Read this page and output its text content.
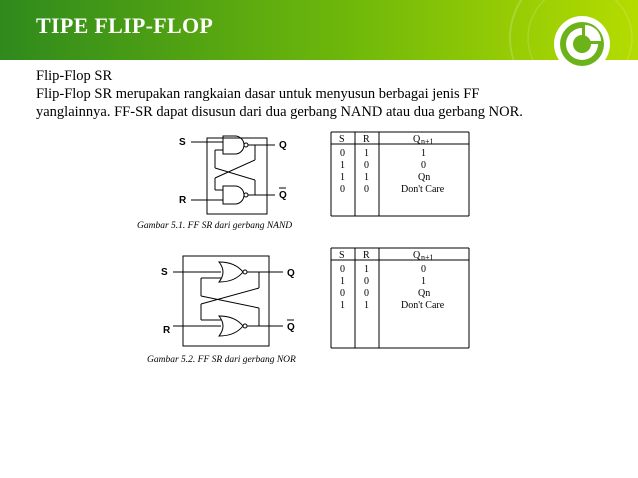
TIPE FLIP-FLOP
Flip-Flop SR
Flip-Flop SR merupakan rangkaian dasar untuk menyusun berbagai jenis FF
yanglainnya. FF-SR dapat disusun dari dua gerbang NAND atau dua gerbang NOR.
S
R
Q
Q
S R	Q n+1
0 1	1
1 0	0
1 1	Qn
0 0	Don't Care
Gambar 5.1. FF SR dari gerbang NAND
S
R
Q
Q
S R	Q n+1
0 1	0
1 0	1
0 0	Qn
1 1	Don't Care
Gambar 5.2. FF SR dari gerbang NOR
